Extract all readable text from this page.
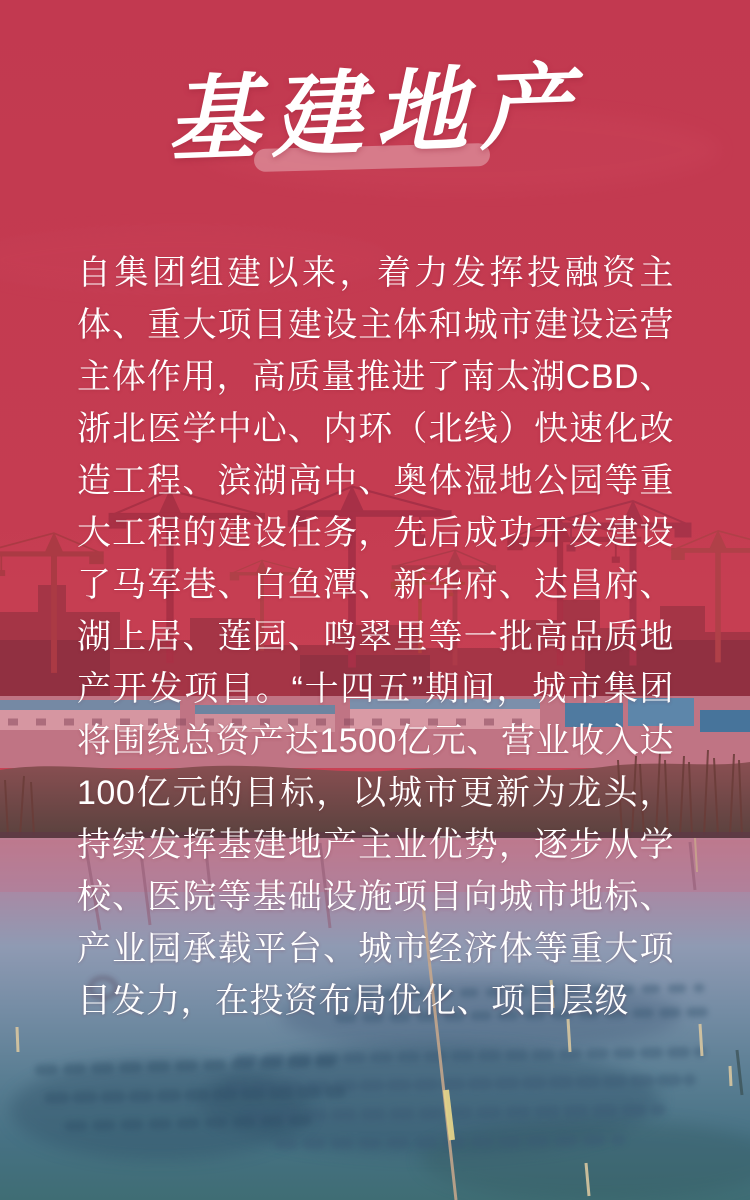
基建地产

自集团组建以来，着力发挥投融资主体、重大项目建设主体和城市建设运营主体作用，高质量推进了南太湖CBD、浙北医学中心、内环（北线）快速化改造工程、滨湖高中、奥体湿地公园等重大工程的建设任务，先后成功开发建设了马军巷、白鱼潭、新华府、达昌府、湖上居、莲园、鸣翠里等一批高品质地产开发项目。“十四五”期间，城市集团将围绕总资产达1500亿元、营业收入达100亿元的目标，以城市更新为龙头，持续发挥基建地产主业优势，逐步从学校、医院等基础设施项目向城市地标、产业园承载平台、城市经济体等重大项目发力，在投资布局优化、项目层级
